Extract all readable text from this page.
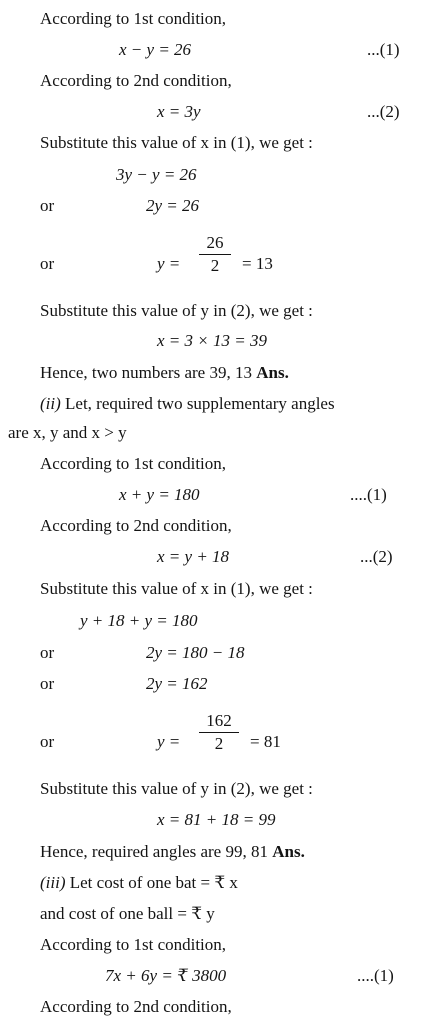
According to 1st condition,
x − y = 26	...(1)
According to 2nd condition,
x = 3y	...(2)
Substitute this value of x in (1), we get :
3y − y = 26
or	2y = 26
or	y =
26
2	= 13
Substitute this value of y in (2), we get :
x = 3 × 13 = 39
Hence, two numbers are 39, 13 Ans.
(ii) Let, required two supplementary angles
are x, y and x > y
According to 1st condition,
x + y = 180	....(1)
According to 2nd condition,
x = y + 18	...(2)
Substitute this value of x in (1), we get :
y + 18 + y = 180
or	2y = 180 − 18
or	2y = 162
or	y =
162
2	= 81
Substitute this value of y in (2), we get :
x = 81 + 18 = 99
Hence, required angles are 99, 81 Ans.
(iii) Let cost of one bat = ₹ x
and cost of one ball = ₹ y
According to 1st condition,
7x + 6y = ₹ 3800	....(1)
According to 2nd condition,
